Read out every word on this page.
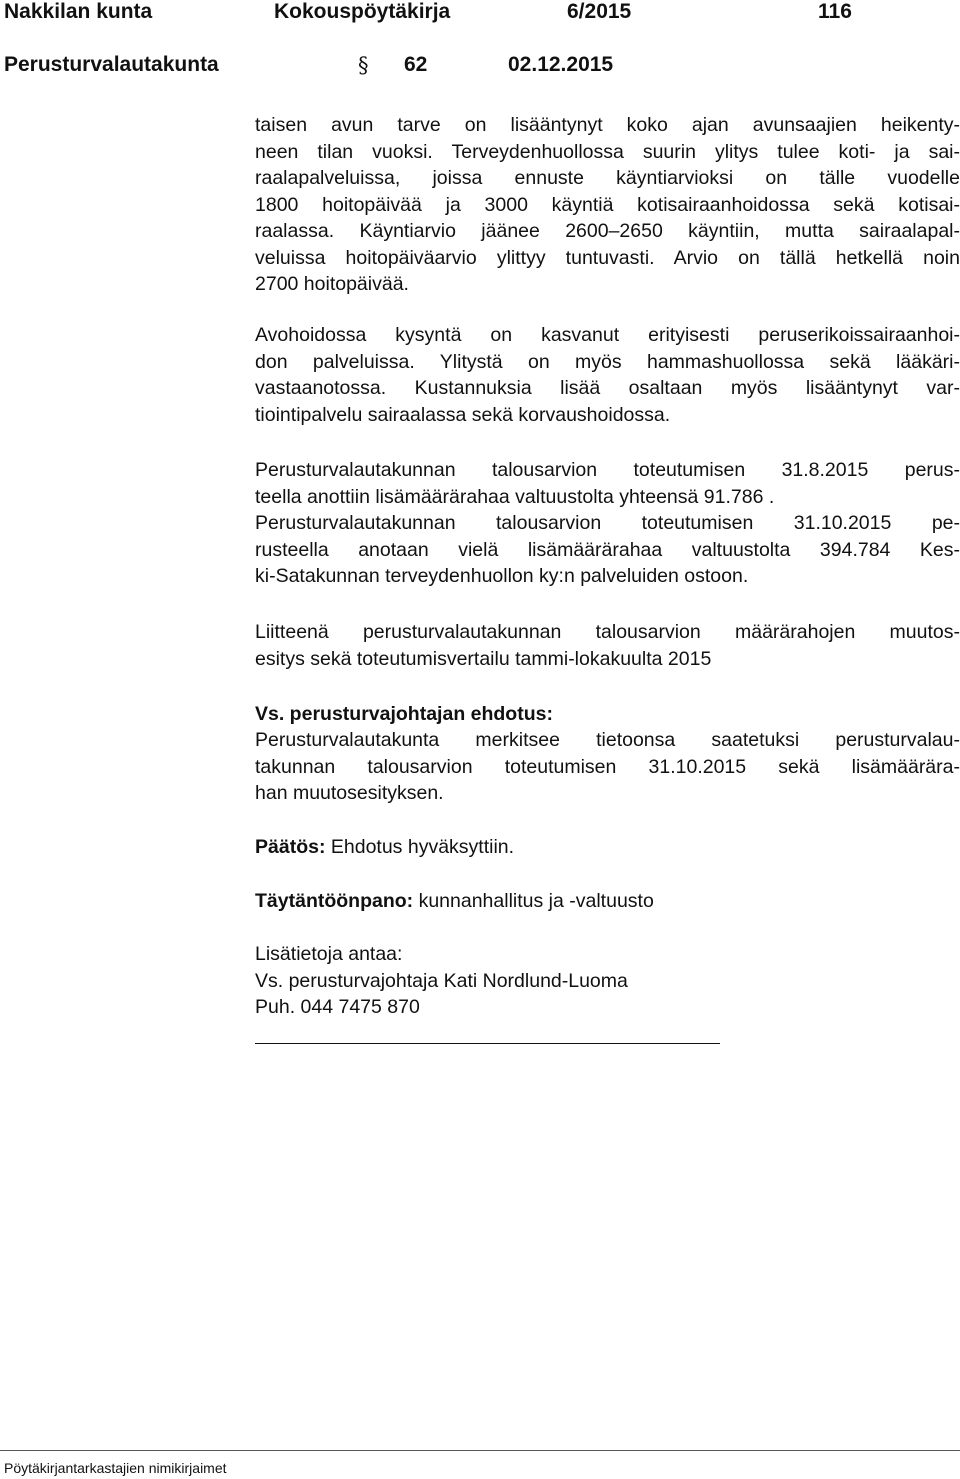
Nakkilan kunta	Kokouspöytäkirja	6/2015	116
Perusturvalautakunta	§ 62	02.12.2015
taisen avun tarve on lisääntynyt koko ajan avunsaajien heikenty-
neen tilan vuoksi. Terveydenhuollossa suurin ylitys tulee koti- ja sai-
raalapalveluissa, joissa ennuste käyntiarvioksi on tälle vuodelle
1800 hoitopäivää ja 3000 käyntiä kotisairaanhoidossa sekä kotisai-
raalassa. Käyntiarvio jäänee 2600–2650 käyntiin, mutta sairaalapal-
veluissa hoitopäiväarvio ylittyy tuntuvasti. Arvio on tällä hetkellä noin
2700 hoitopäivää.
Avohoidossa kysyntä on kasvanut erityisesti peruserikoissairaanhoi-
don palveluissa. Ylitystä on myös hammashuollossa sekä lääkäri-
vastaanotossa. Kustannuksia lisää osaltaan myös lisääntynyt var-
tiointipalvelu sairaalassa sekä korvaushoidossa.
Perusturvalautakunnan talousarvion toteutumisen 31.8.2015 perus-
teella anottiin lisämäärärahaa valtuustolta yhteensä 91.786 .
Perusturvalautakunnan talousarvion toteutumisen 31.10.2015 pe-
rusteella anotaan vielä lisämäärärahaa valtuustolta 394.784 Kes-
ki-Satakunnan terveydenhuollon ky:n palveluiden ostoon.
Liitteenä perusturvalautakunnan talousarvion määrärahojen muutos-
esitys sekä toteutumisvertailu tammi-lokakuulta 2015
Vs. perusturvajohtajan ehdotus:
Perusturvalautakunta merkitsee tietoonsa saatetuksi perusturvalau-
takunnan talousarvion toteutumisen 31.10.2015 sekä lisämäärära-
han muutosesityksen.
Päätös: Ehdotus hyväksyttiin.
Täytäntöönpano: kunnanhallitus ja -valtuusto
Lisätietoja antaa:
Vs. perusturvajohtaja Kati Nordlund-Luoma
Puh. 044 7475 870
Pöytäkirjantarkastajien nimikirjaimet
